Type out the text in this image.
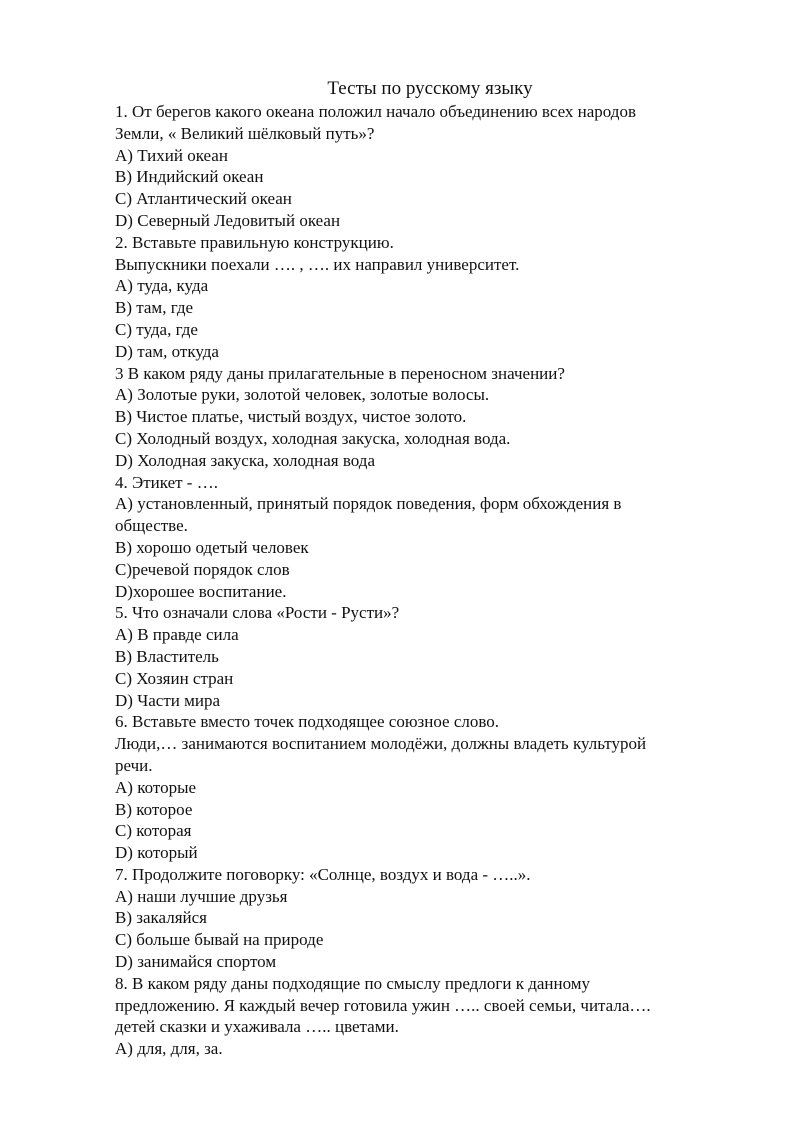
Тесты по русскому языку
1. От берегов какого океана положил начало объединению всех народов
Земли, « Великий шёлковый путь»?
А) Тихий океан
В) Индийский океан
С) Атлантический океан
D) Северный Ледовитый океан
2. Вставьте правильную конструкцию.
Выпускники поехали …. , …. их направил университет.
А) туда, куда
В) там, где
С) туда, где
D) там, откуда
3 В каком ряду даны прилагательные в переносном значении?
А) Золотые руки, золотой человек, золотые волосы.
В) Чистое платье, чистый воздух, чистое золото.
С) Холодный воздух, холодная закуска, холодная вода.
D) Холодная закуска, холодная вода
4. Этикет - ….
А) установленный, принятый порядок поведения, форм обхождения в
обществе.
В) хорошо одетый человек
С)речевой порядок слов
D)хорошее воспитание.
5. Что означали слова «Рости - Русти»?
А) В правде сила
В) Властитель
С) Хозяин стран
D) Части мира
6. Вставьте вместо точек подходящее союзное слово.
Люди,… занимаются воспитанием молодёжи, должны владеть культурой
речи.
А) которые
В) которое
С) которая
D) который
7. Продолжите поговорку: «Солнце, воздух и вода - …..».
А) наши лучшие друзья
В) закаляйся
С) больше бывай на природе
D) занимайся спортом
8. В каком ряду даны подходящие по смыслу предлоги к данному
предложению. Я каждый вечер готовила ужин ….. своей семьи, читала….
детей сказки и ухаживала ….. цветами.
А) для, для, за.
